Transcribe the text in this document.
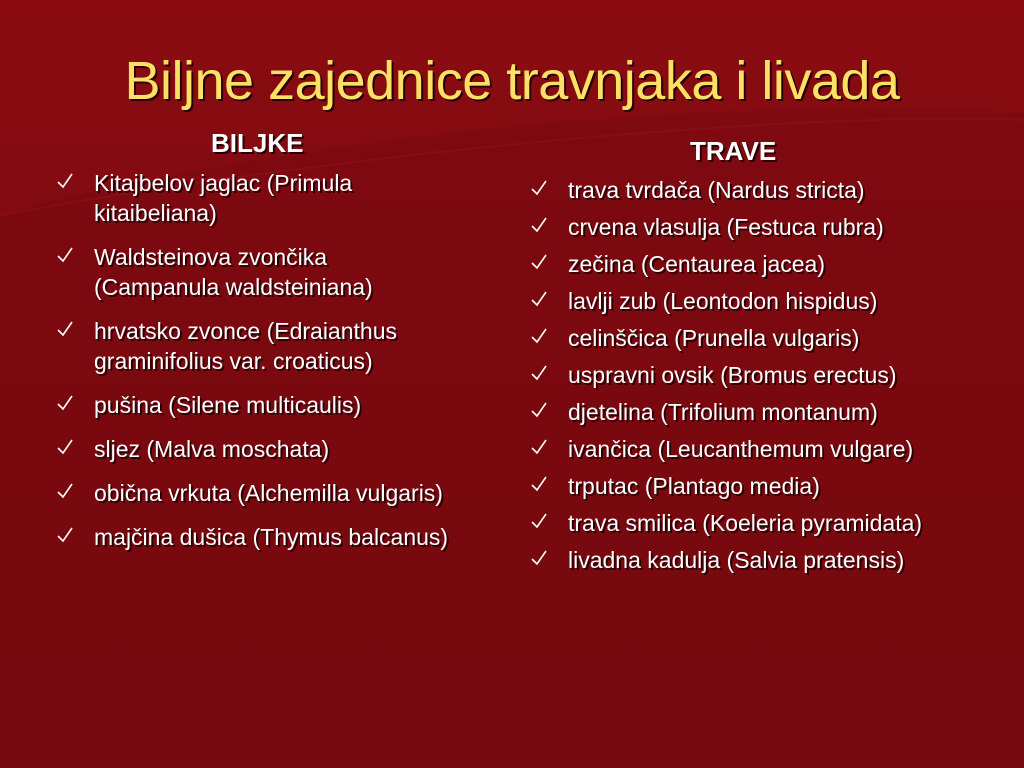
Biljne zajednice travnjaka i livada
BILJKE
Kitajbelov jaglac (Primula kitaibeliana)
Waldsteinova zvončika (Campanula waldsteiniana)
hrvatsko zvonce (Edraianthus graminifolius var. croaticus)
pušina (Silene multicaulis)
sljez (Malva moschata)
obična vrkuta (Alchemilla vulgaris)
majčina dušica (Thymus balcanus)
TRAVE
trava tvrdača (Nardus stricta)
crvena vlasulja (Festuca rubra)
zečina (Centaurea jacea)
lavlji zub (Leontodon hispidus)
celinščica (Prunella vulgaris)
uspravni ovsik (Bromus erectus)
djetelina (Trifolium montanum)
ivančica (Leucanthemum vulgare)
trputac (Plantago media)
trava smilica (Koeleria pyramidata)
livadna kadulja (Salvia pratensis)
